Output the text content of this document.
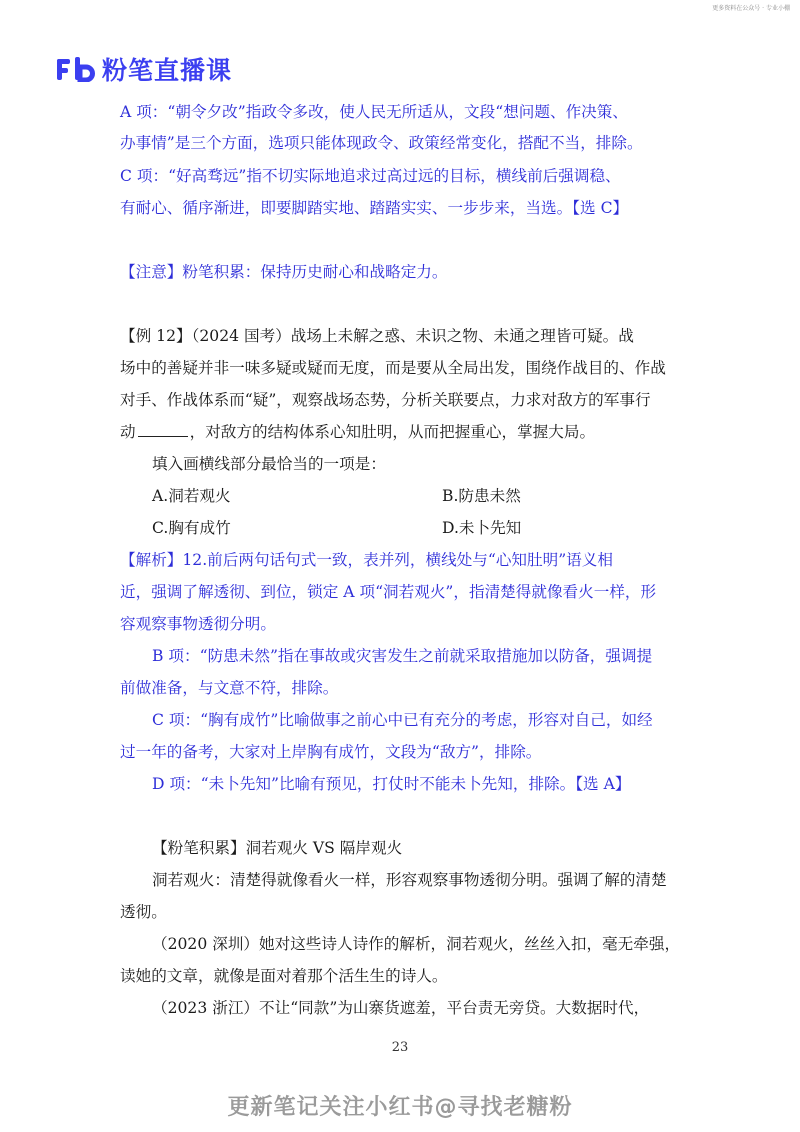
更多资料在公众号 · 专业小棚
粉笔直播课
A 项：“朝令夕改”指政令多改，使人民无所适从，文段“想问题、作决策、
办事情”是三个方面，选项只能体现政令、政策经常变化，搭配不当，排除。
C 项：“好高骛远”指不切实际地追求过高过远的目标，横线前后强调稳、
有耐心、循序渐进，即要脚踏实地、踏踏实实、一步步来，当选。【选 C】
【注意】粉笔积累：保持历史耐心和战略定力。
【例 12】（2024 国考）战场上未解之惑、未识之物、未通之理皆可疑。战
场中的善疑并非一味多疑或疑而无度，而是要从全局出发，围绕作战目的、作战
对手、作战体系而“疑”，观察战场态势，分析关联要点，力求对敌方的军事行
动	，对敌方的结构体系心知肚明，从而把握重心，掌握大局。
填入画横线部分最恰当的一项是：
A.洞若观火	B.防患未然
C.胸有成竹	D.未卜先知
【解析】12.前后两句话句式一致，表并列，横线处与“心知肚明”语义相
近，强调了解透彻、到位，锁定 A 项“洞若观火”，指清楚得就像看火一样，形
容观察事物透彻分明。
B 项：“防患未然”指在事故或灾害发生之前就采取措施加以防备，强调提
前做准备，与文意不符，排除。
C 项：“胸有成竹”比喻做事之前心中已有充分的考虑，形容对自己，如经
过一年的备考，大家对上岸胸有成竹，文段为“敌方”，排除。
D 项：“未卜先知”比喻有预见，打仗时不能未卜先知，排除。【选 A】
【粉笔积累】洞若观火 VS 隔岸观火
洞若观火：清楚得就像看火一样，形容观察事物透彻分明。强调了解的清楚
透彻。
（2020 深圳）她对这些诗人诗作的解析，洞若观火，丝丝入扣，毫无牵强，
读她的文章，就像是面对着那个活生生的诗人。
（2023 浙江）不让“同款”为山寨货遮羞，平台责无旁贷。大数据时代，
23
更新笔记关注小红书@寻找老糖粉
